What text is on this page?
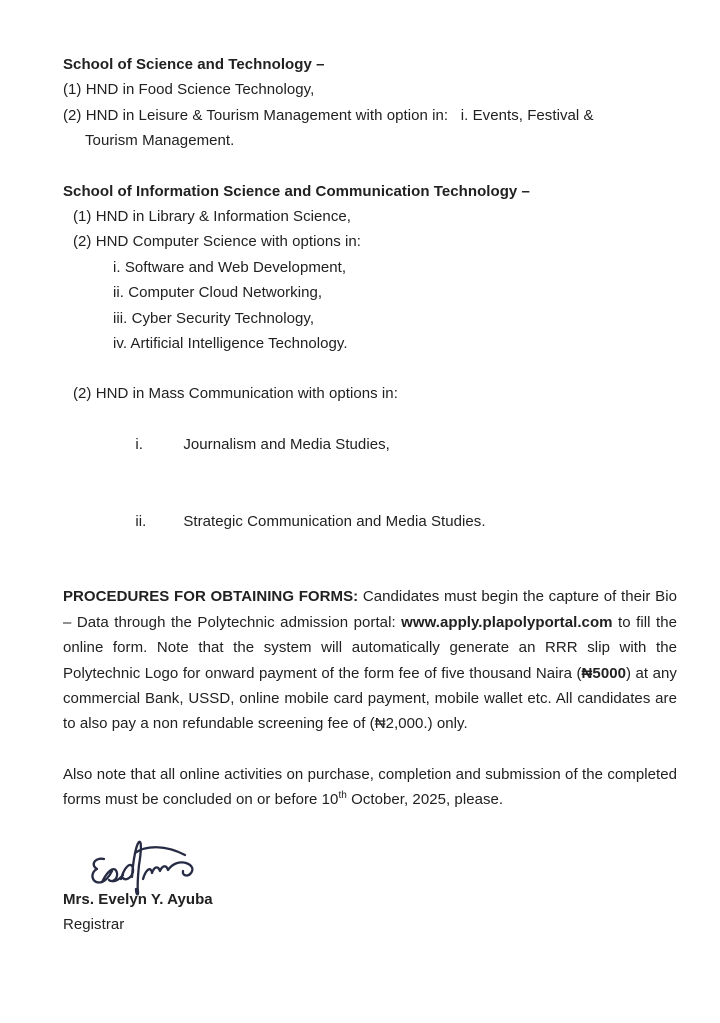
School of Science and Technology –
(1) HND in Food Science Technology,
(2) HND in Leisure & Tourism Management with option in:   i. Events, Festival &
Tourism Management.
School of Information Science and Communication Technology –
(1) HND in Library & Information Science,
(2) HND Computer Science with options in:
i. Software and Web Development,
ii. Computer Cloud Networking,
iii. Cyber Security Technology,
iv. Artificial Intelligence Technology.
(2) HND in Mass Communication with options in:

i.	Journalism and Media Studies,

ii. Strategic Communication and Media Studies.

PROCEDURES FOR OBTAINING FORMS: Candidates must begin the capture of their Bio – Data through the Polytechnic admission portal: www.apply.plapolyportal.com to fill the online form. Note that the system will automatically generate an RRR slip with the Polytechnic Logo for onward payment of the form fee of five thousand Naira (₦5000) at any commercial Bank, USSD, online mobile card payment, mobile wallet etc. All candidates are to also pay a non refundable screening fee of (₦2,000.) only.

Also note that all online activities on purchase, completion and submission of the completed forms must be concluded on or before 10th October, 2025, please.

Mrs. Evelyn Y. Ayuba
Registrar
